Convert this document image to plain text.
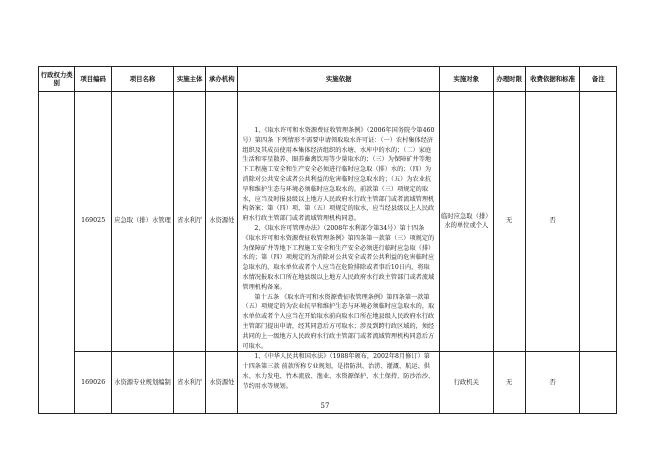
行政权力类别	项目编码	项目名称	实施主体	承办机构	实施依据	实施对象	办理时限	收费依据和标准	备注
	169025	应急取（排）水管理	省水利厅	水资源处	1、《取水许可和水资源费征收管理条例》（2006年国务院令第460号）第四条 下列情形不需要申请领取取水许可证：（一）农村集体经济组织及其成员使用本集体经济组织的水塘、水库中的水的；（二）家庭生活和零星散养、圈养畜禽饮用等少量取水的；（三）为保障矿井等地下工程施工安全和生产安全必须进行临时应急取（排）水的；（四）为消除对公共安全或者公共利益的危害临时应急取水的；（五）为农业抗旱和维护生态与环境必须临时应急取水的。前款第（三）项规定的取水，应当及时报县级以上地方人民政府水行政主管部门或者流域管理机构备案；第（四）项、第（五）项规定的取水，应当经县级以上人民政府水行政主管部门或者流域管理机构同意。

2、《取水许可管理办法》（2008年水利部令第34号）第十四条 《取水许可和水资源费征收管理条例》第四条第一款第（三）项规定的为保障矿井等地下工程施工安全和生产安全必须进行临时应急取（排）水的；第（四）项规定的为消除对公共安全或者公共利益的危害临时应急取水的，取水单位或者个人应当在危险排除或者事后10日内，将取水情况报取水口所在地县级以上地方人民政府水行政主管部门或者流域管理机构备案。

第十五条 《取水许可和水资源费征收管理条例》第四条第一款第（五）项规定的为农业抗旱和维护生态与环境必须临时应急取水的，取水单位或者个人应当在开始取水前向取水口所在地县级人民政府水行政主管部门提出申请，经其同意后方可取水；涉及到跨行政区域的，须经共同的上一级地方人民政府水行政主管部门或者流域管理机构同意后方可取水。	临时应急取（排）水的单位或个人	无	否	
	169026	水资源专业规划编制	省水利厅	水资源处	1、《中华人民共和国水法》（1988年颁布，2002年8月修订）第十四条第三款 前款所称专业规划，是指防洪、治涝、灌溉、航运、供水、水力发电、竹木流放、渔业、水资源保护、水土保持、防沙治沙、节约用水等规划。	行政机关	无	否	
57
